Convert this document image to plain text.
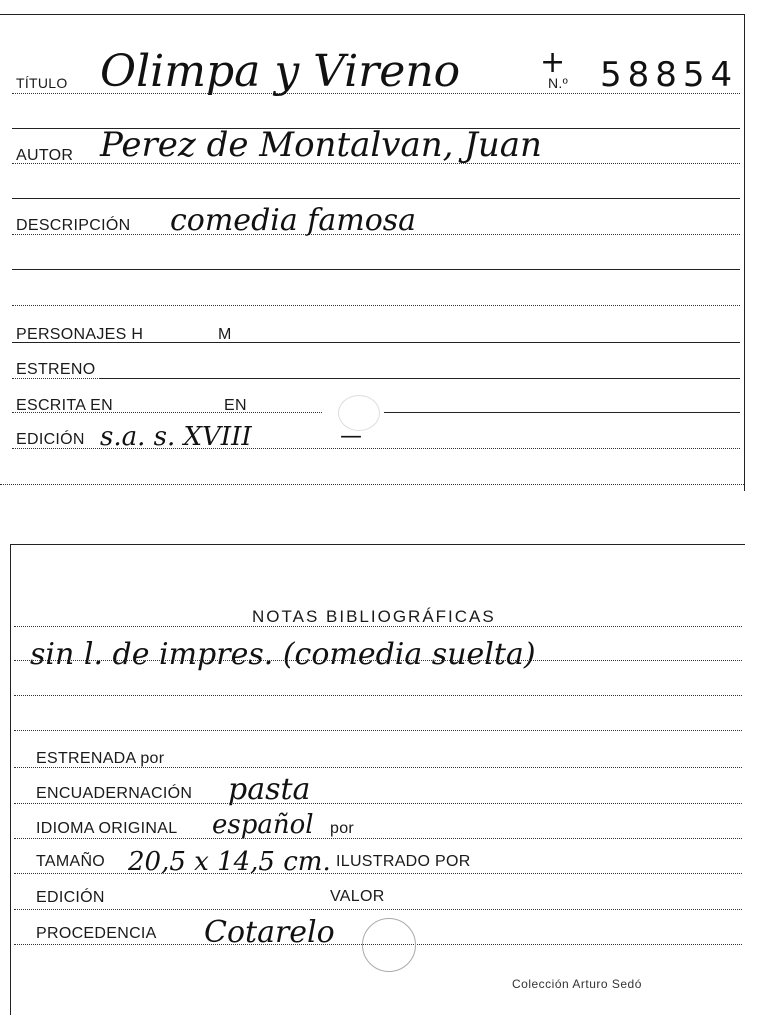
TÍTULO Olimpa y Vireno	+
N.º 58854
AUTOR Perez de Montalvan, Juan
DESCRIPCIÓN comedia famosa
PERSONAJES H	M
ESTRENO
ESCRITA EN	EN
EDICIÓN s.a. s. XVIII	—
NOTAS BIBLIOGRÁFICAS
sin l. de impres. (comedia suelta)
ESTRENADA por
ENCUADERNACIÓN pasta
IDIOMA ORIGINAL español por
TAMAÑO 20,5 x 14,5 cm. ILUSTRADO POR
EDICIÓN	VALOR
PROCEDENCIA Cotarelo
Colección Arturo Sedó
